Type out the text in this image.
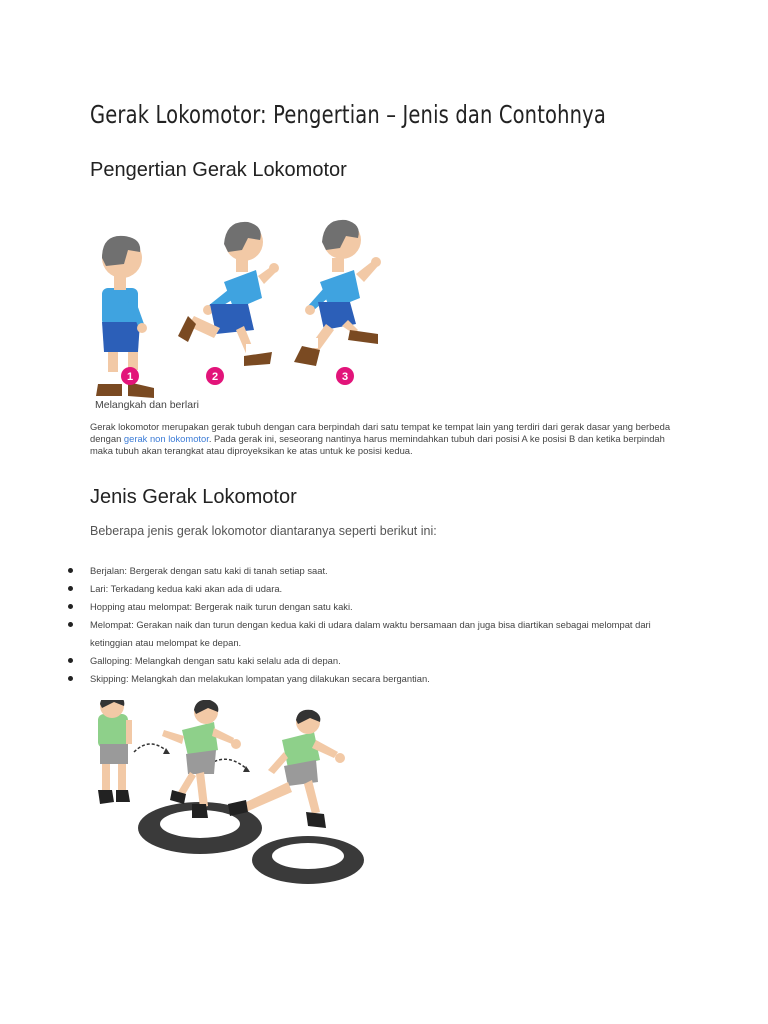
Gerak Lokomotor: Pengertian – Jenis dan Contohnya
Pengertian Gerak Lokomotor
1	2	3
Melangkah dan berlari

Gerak lokomotor merupakan gerak tubuh dengan cara berpindah dari satu tempat ke tempat lain yang terdiri dari gerak dasar yang berbeda dengan gerak non lokomotor. Pada gerak ini, seseorang nantinya harus memindahkan tubuh dari posisi A ke posisi B dan ketika berpindah maka tubuh akan terangkat atau diproyeksikan ke atas untuk ke posisi kedua.

Jenis Gerak Lokomotor
Beberapa jenis gerak lokomotor diantaranya seperti berikut ini:
Berjalan: Bergerak dengan satu kaki di tanah setiap saat.
Lari: Terkadang kedua kaki akan ada di udara.
Hopping atau melompat: Bergerak naik turun dengan satu kaki.
Melompat: Gerakan naik dan turun dengan kedua kaki di udara dalam waktu bersamaan dan juga bisa diartikan sebagai melompat dari ketinggian atau melompat ke depan.
Galloping: Melangkah dengan satu kaki selalu ada di depan.
Skipping: Melangkah dan melakukan lompatan yang dilakukan secara bergantian.
